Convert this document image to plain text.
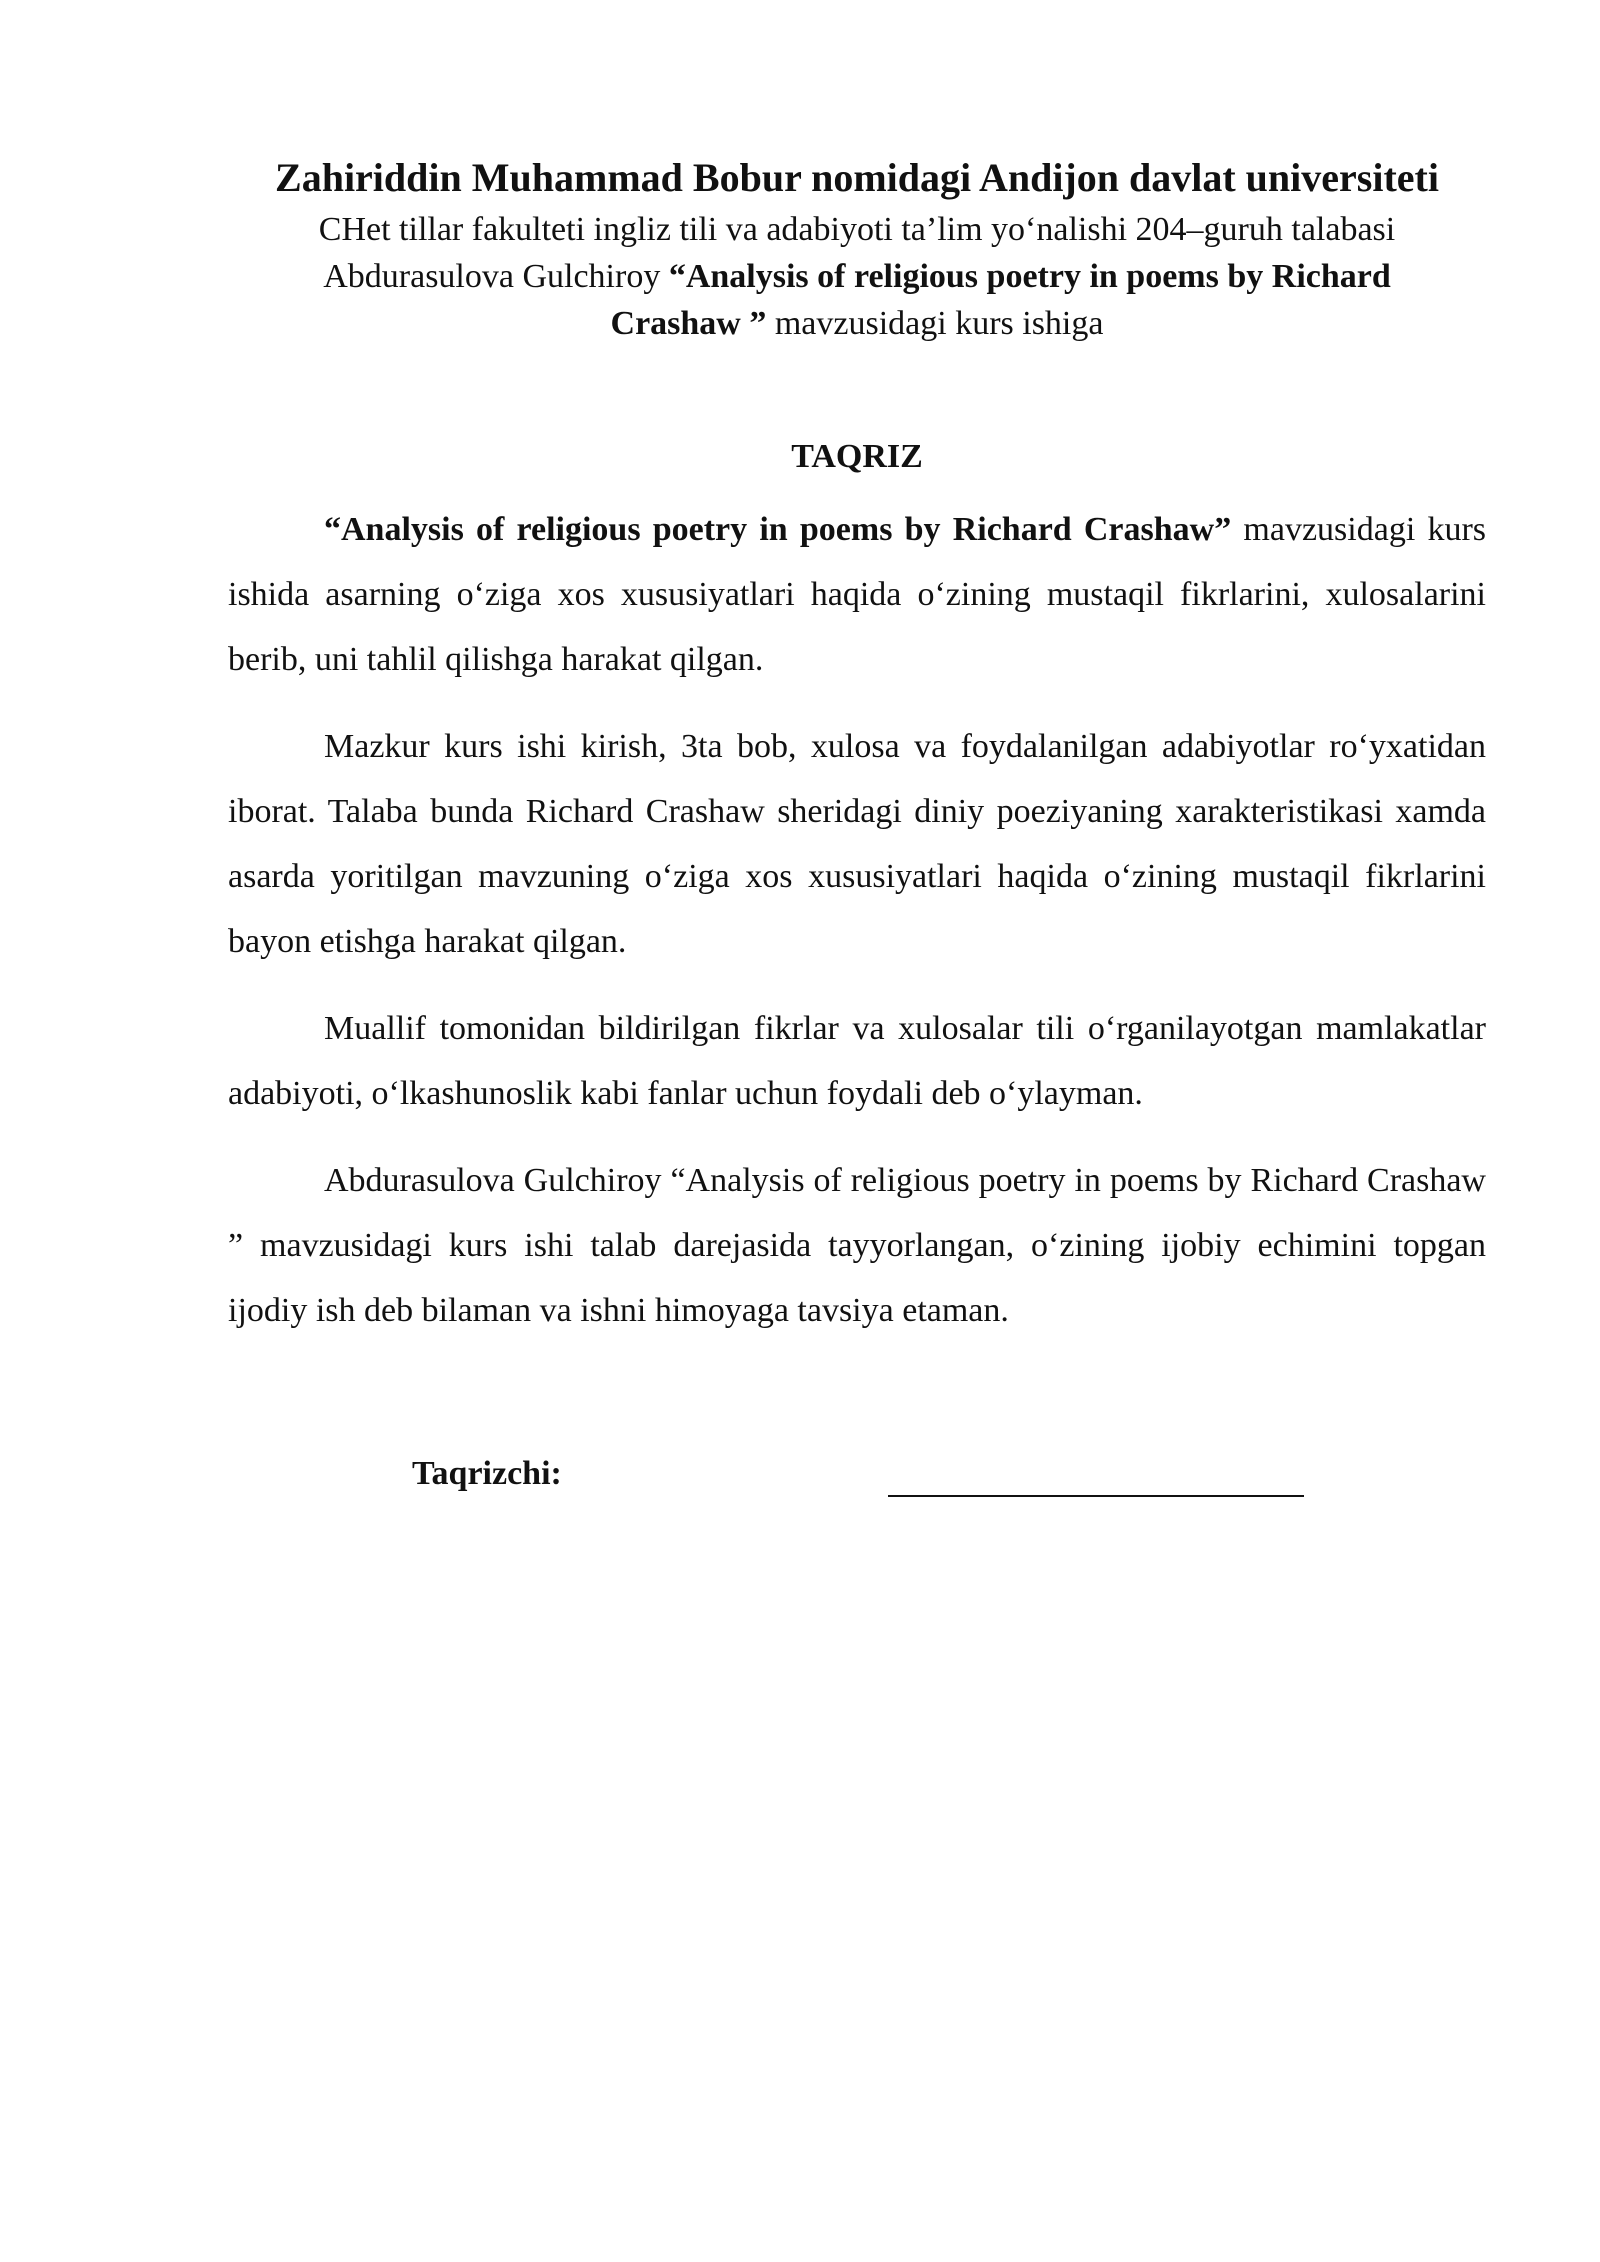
Zahiriddin Muhammad Bobur nomidagi Andijon davlat universiteti

CHet tillar fakulteti ingliz tili va adabiyoti ta’lim yo‘nalishi 204–guruh talabasi

Abdurasulova Gulchiroy “Analysis of religious poetry in poems by Richard

Crashaw ” mavzusidagi kurs ishiga

TAQRIZ

“Analysis of religious poetry in poems by Richard Crashaw” mavzusidagi kurs ishida asarning o‘ziga xos xususiyatlari haqida o‘zining mustaqil fikrlarini, xulosalarini berib, uni tahlil qilishga harakat qilgan.

Mazkur kurs ishi kirish, 3ta bob, xulosa va foydalanilgan adabiyotlar ro‘yxatidan iborat. Talaba bunda Richard Crashaw sheridagi diniy poeziyaning xarakteristikasi xamda asarda yoritilgan mavzuning o‘ziga xos xususiyatlari haqida o‘zining mustaqil fikrlarini bayon etishga harakat qilgan.

Muallif tomonidan bildirilgan fikrlar va xulosalar tili o‘rganilayotgan mamlakatlar adabiyoti, o‘lkashunoslik kabi fanlar uchun foydali deb o‘ylayman.

Abdurasulova Gulchiroy “Analysis of religious poetry in poems by Richard Crashaw ” mavzusidagi kurs ishi talab darejasida tayyorlangan, o‘zining ijobiy echimini topgan ijodiy ish deb bilaman va ishni himoyaga tavsiya etaman.

Taqrizchi:
